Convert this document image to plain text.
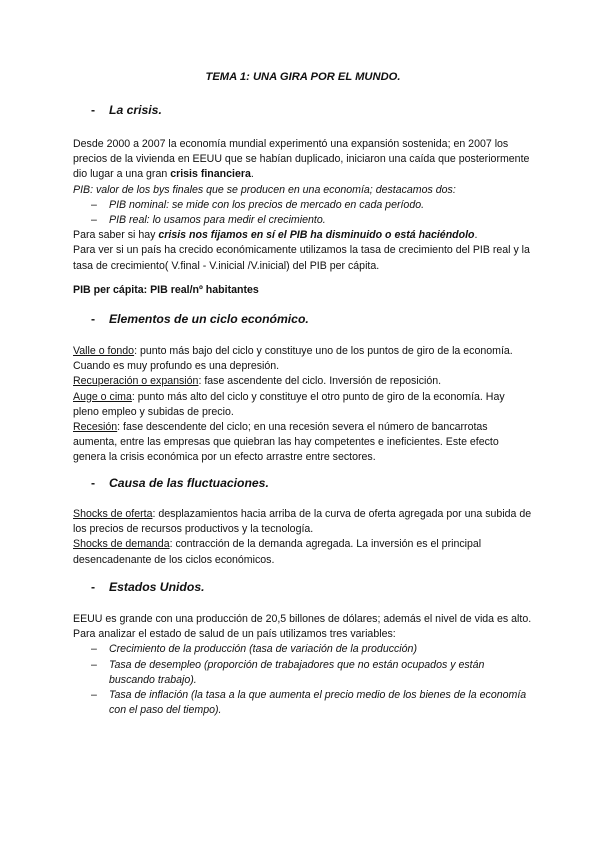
TEMA 1: UNA GIRA POR EL MUNDO.
- La crisis.

Desde 2000 a 2007 la economía mundial experimentó una expansión sostenida; en 2007 los precios de la vivienda en EEUU que se habían duplicado, iniciaron una caída que posteriormente dio lugar a una gran crisis financiera.

PIB: valor de los bys finales que se producen en una economía; destacamos dos:

– PIB nominal: se mide con los precios de mercado en cada período.

– PIB real: lo usamos para medir el crecimiento.

Para saber si hay crisis nos fijamos en sí el PIB ha disminuido o está haciéndolo.

Para ver si un país ha crecido económicamente utilizamos la tasa de crecimiento del PIB real y la tasa de crecimiento( V.final - V.inicial /V.inicial) del PIB per cápita.

PIB per cápita: PIB real/nº habitantes

- Elementos de un ciclo económico.

Valle o fondo: punto más bajo del ciclo y constituye uno de los puntos de giro de la economía. Cuando es muy profundo es una depresión.

Recuperación o expansión: fase ascendente del ciclo. Inversión de reposición.

Auge o cima: punto más alto del ciclo y constituye el otro punto de giro de la economía. Hay pleno empleo y subidas de precio.

Recesión: fase descendente del ciclo; en una recesión severa el número de bancarrotas aumenta, entre las empresas que quiebran las hay competentes e ineficientes. Este efecto genera la crisis económica por un efecto arrastre entre sectores.

- Causa de las fluctuaciones.

Shocks de oferta: desplazamientos hacia arriba de la curva de oferta agregada por una subida de los precios de recursos productivos y la tecnología.

Shocks de demanda: contracción de la demanda agregada. La inversión es el principal desencadenante de los ciclos económicos.

- Estados Unidos.

EEUU es grande con una producción de 20,5 billones de dólares; además el nivel de vida es alto.

Para analizar el estado de salud de un país utilizamos tres variables:

– Crecimiento de la producción (tasa de variación de la producción)

– Tasa de desempleo (proporción de trabajadores que no están ocupados y están buscando trabajo).

– Tasa de inflación (la tasa a la que aumenta el precio medio de los bienes de la economía con el paso del tiempo).
